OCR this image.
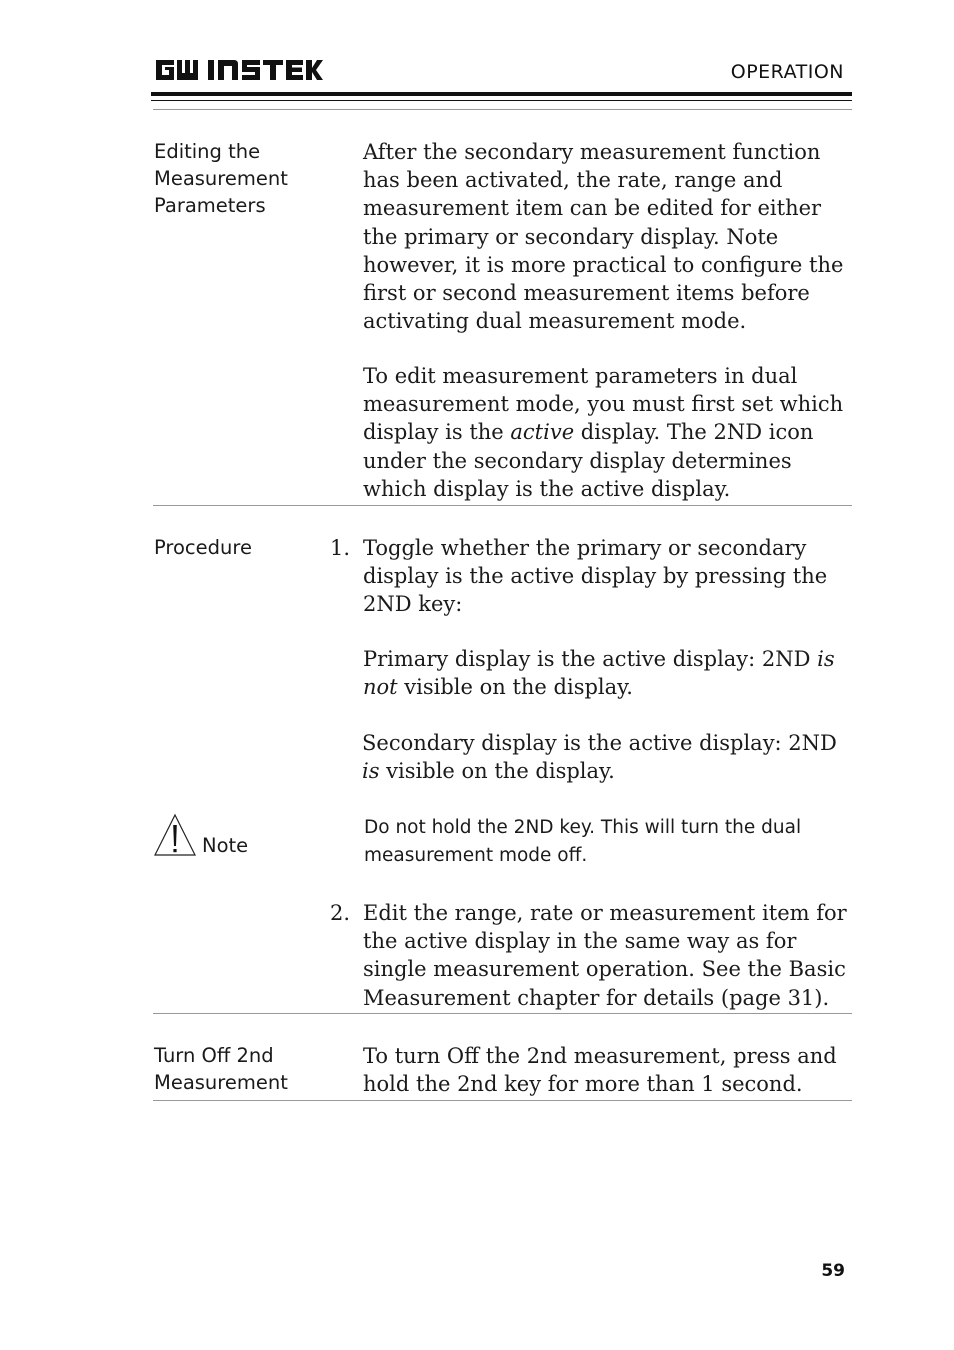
OPERATION
Editing the
Measurement
Parameters
After the secondary measurement function has been activated, the rate, range and measurement item can be edited for either the primary or secondary display. Note however, it is more practical to configure the first or second measurement items before activating dual measurement mode.
To edit measurement parameters in dual measurement mode, you must first set which display is the active display. The 2ND icon under the secondary display determines which display is the active display.
Procedure	1. Toggle whether the primary or secondary display is the active display by pressing the 2ND key:
Primary display is the active display: 2ND is not visible on the display.
Secondary display is the active display: 2ND is visible on the display.
Note
Do not hold the 2ND key. This will turn the dual measurement mode off.
2. Edit the range, rate or measurement item for the active display in the same way as for single measurement operation. See the Basic Measurement chapter for details (page 31).
Turn Off 2nd
Measurement
To turn Off the 2nd measurement, press and hold the 2nd key for more than 1 second.
59
